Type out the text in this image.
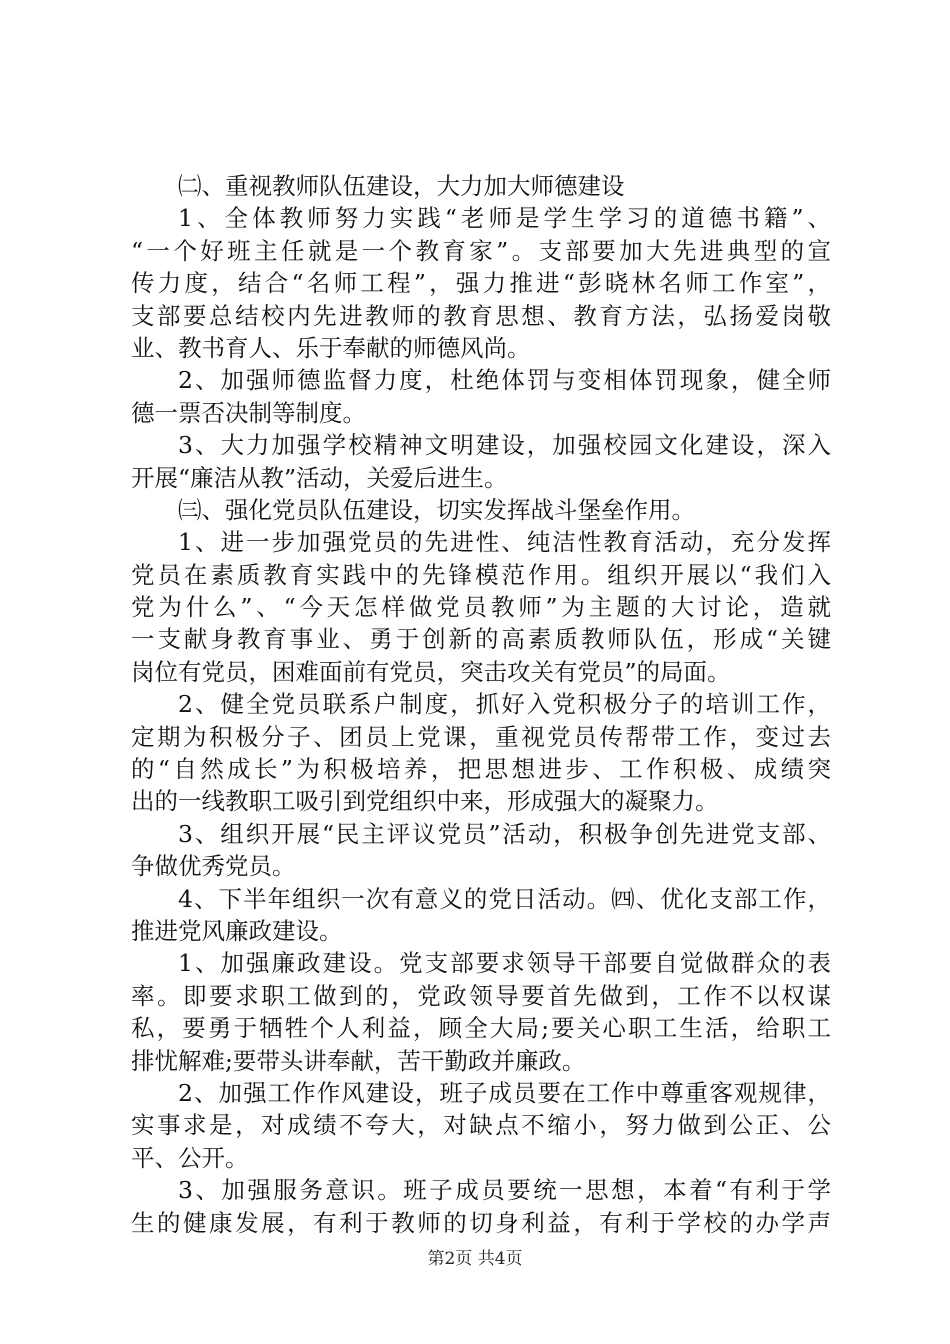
㈡、重视教师队伍建设，大力加大师德建设
1、全体教师努力实践“老师是学生学习的道德书籍”、
“一个好班主任就是一个教育家”。支部要加大先进典型的宣
传力度，结合“名师工程”，强力推进“彭晓林名师工作室”，
支部要总结校内先进教师的教育思想、教育方法，弘扬爱岗敬
业、教书育人、乐于奉献的师德风尚。
2、加强师德监督力度，杜绝体罚与变相体罚现象，健全师
德一票否决制等制度。
3、大力加强学校精神文明建设，加强校园文化建设，深入
开展“廉洁从教”活动，关爱后进生。
㈢、强化党员队伍建设，切实发挥战斗堡垒作用。
1、进一步加强党员的先进性、纯洁性教育活动，充分发挥
党员在素质教育实践中的先锋模范作用。组织开展以“我们入
党为什么”、“今天怎样做党员教师”为主题的大讨论，造就
一支献身教育事业、勇于创新的高素质教师队伍，形成“关键
岗位有党员，困难面前有党员，突击攻关有党员”的局面。
2、健全党员联系户制度，抓好入党积极分子的培训工作，
定期为积极分子、团员上党课，重视党员传帮带工作，变过去
的“自然成长”为积极培养，把思想进步、工作积极、成绩突
出的一线教职工吸引到党组织中来，形成强大的凝聚力。
3、组织开展“民主评议党员”活动，积极争创先进党支部、
争做优秀党员。
4、下半年组织一次有意义的党日活动。㈣、优化支部工作，
推进党风廉政建设。
1、加强廉政建设。党支部要求领导干部要自觉做群众的表
率。即要求职工做到的，党政领导要首先做到，工作不以权谋
私，要勇于牺牲个人利益，顾全大局;要关心职工生活，给职工
排忧解难;要带头讲奉献，苦干勤政并廉政。
2、加强工作作风建设，班子成员要在工作中尊重客观规律，
实事求是，对成绩不夸大，对缺点不缩小，努力做到公正、公
平、公开。
3、加强服务意识。班子成员要统一思想，本着“有利于学
生的健康发展，有利于教师的切身利益，有利于学校的办学声
第2页 共4页
